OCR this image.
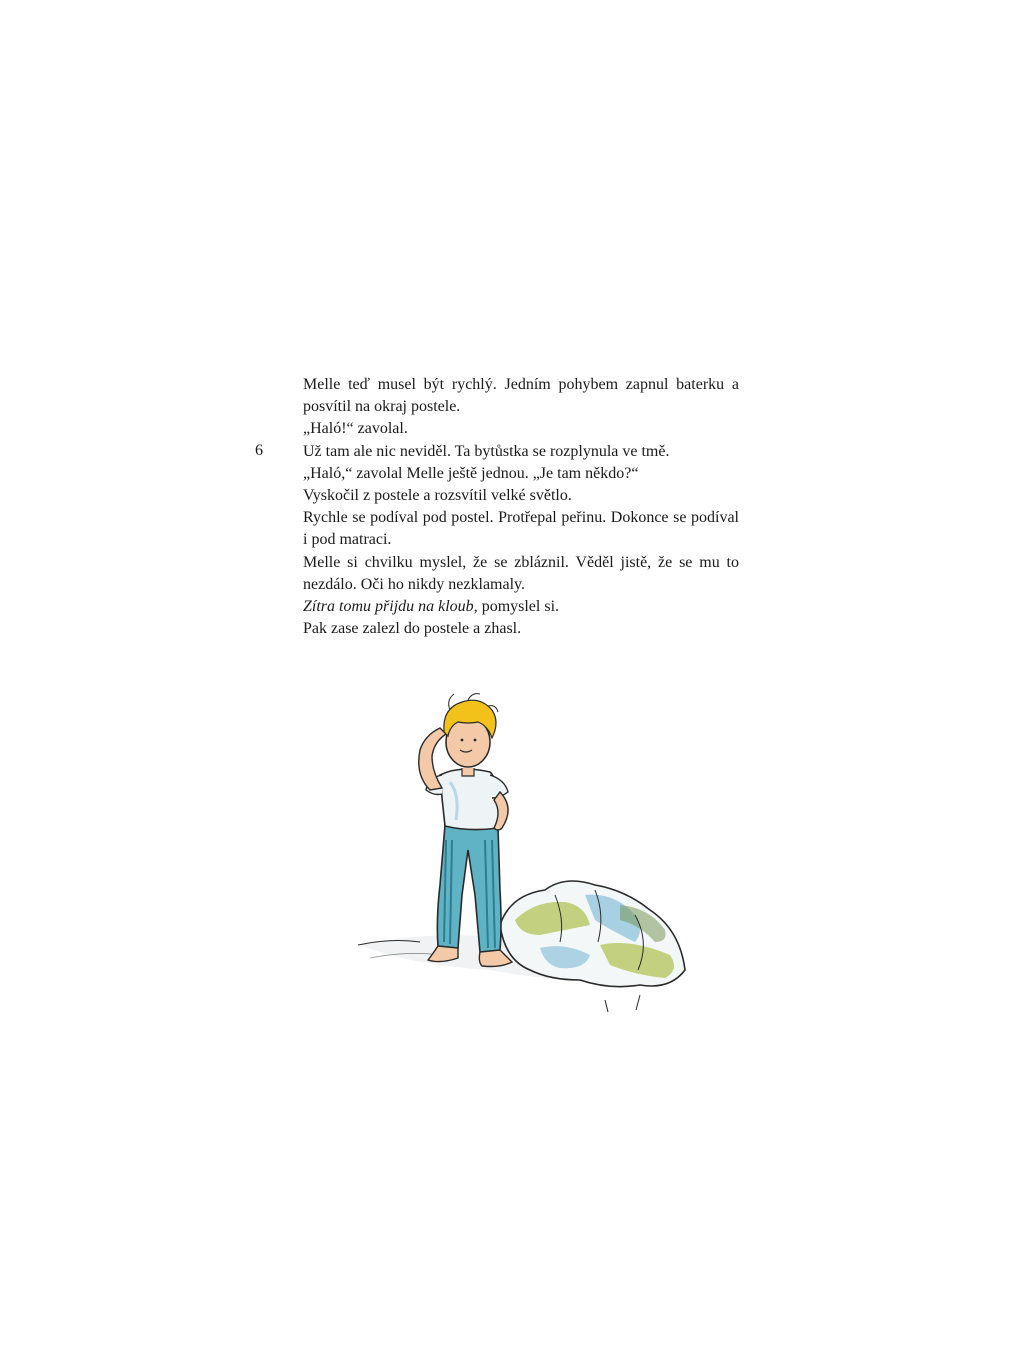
6

Melle teď musel být rychlý. Jedním pohybem zapnul baterku a posvítil na okraj postele.

„Haló!“ zavolal.

Už tam ale nic neviděl. Ta bytůstka se rozplynula ve tmě.

„Haló,“ zavolal Melle ještě jednou. „Je tam někdo?“

Vyskočil z postele a rozsvítil velké světlo.

Rychle se podíval pod postel. Protřepal peřinu. Dokonce se podíval i pod matraci.

Melle si chvilku myslel, že se zbláznil. Věděl jistě, že se mu to nezdálo. Oči ho nikdy nezklamaly.

Zítra tomu přijdu na kloub, pomyslel si.

Pak zase zalezl do postele a zhasl.
